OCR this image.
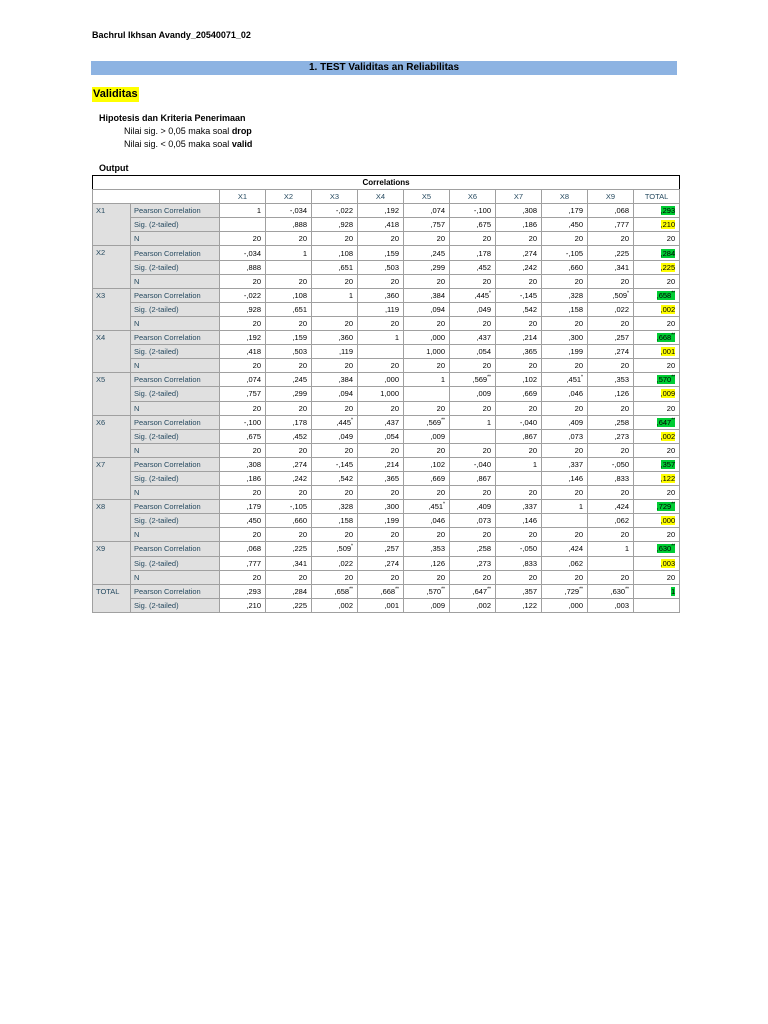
Bachrul Ikhsan Avandy_20540071_02
1. TEST Validitas an Reliabilitas
Validitas
Hipotesis dan Kriteria Penerimaan
Nilai sig. > 0,05 maka soal drop
Nilai sig. < 0,05 maka soal valid
Output
Correlations											
		X1	X2	X3	X4	X5	X6	X7	X8	X9	TOTAL
X1	Pearson Correlation	1	-,034	-,022	,192	,074	-,100	,308	,179	,068	,293
	Sig. (2-tailed)		,888	,928	,418	,757	,675	,186	,450	,777	,210
	N	20	20	20	20	20	20	20	20	20	20
X2	Pearson Correlation	-,034	1	,108	,159	,245	,178	,274	-,105	,225	,284
	Sig. (2-tailed)	,888		,651	,503	,299	,452	,242	,660	,341	,225
	N	20	20	20	20	20	20	20	20	20	20
X3	Pearson Correlation	-,022	,108	1	,360	,384	,445*	-,145	,328	,509*	,658**
	Sig. (2-tailed)	,928	,651		,119	,094	,049	,542	,158	,022	,002
	N	20	20	20	20	20	20	20	20	20	20
X4	Pearson Correlation	,192	,159	,360	1	,000	,437	,214	,300	,257	,668**
	Sig. (2-tailed)	,418	,503	,119		1,000	,054	,365	,199	,274	,001
	N	20	20	20	20	20	20	20	20	20	20
X5	Pearson Correlation	,074	,245	,384	,000	1	,569**	,102	,451*	,353	,570**
	Sig. (2-tailed)	,757	,299	,094	1,000		,009	,669	,046	,126	,009
	N	20	20	20	20	20	20	20	20	20	20
X6	Pearson Correlation	-,100	,178	,445*	,437	,569**	1	-,040	,409	,258	,647**
	Sig. (2-tailed)	,675	,452	,049	,054	,009		,867	,073	,273	,002
	N	20	20	20	20	20	20	20	20	20	20
X7	Pearson Correlation	,308	,274	-,145	,214	,102	-,040	1	,337	-,050	,357
	Sig. (2-tailed)	,186	,242	,542	,365	,669	,867		,146	,833	,122
	N	20	20	20	20	20	20	20	20	20	20
X8	Pearson Correlation	,179	-,105	,328	,300	,451*	,409	,337	1	,424	,729**
	Sig. (2-tailed)	,450	,660	,158	,199	,046	,073	,146		,062	,000
	N	20	20	20	20	20	20	20	20	20	20
X9	Pearson Correlation	,068	,225	,509*	,257	,353	,258	-,050	,424	1	,630**
	Sig. (2-tailed)	,777	,341	,022	,274	,126	,273	,833	,062		,003
	N	20	20	20	20	20	20	20	20	20	20
TOTAL	Pearson Correlation	,293	,284	,658**	,668**	,570**	,647**	,357	,729**	,630**	1
	Sig. (2-tailed)	,210	,225	,002	,001	,009	,002	,122	,000	,003	
